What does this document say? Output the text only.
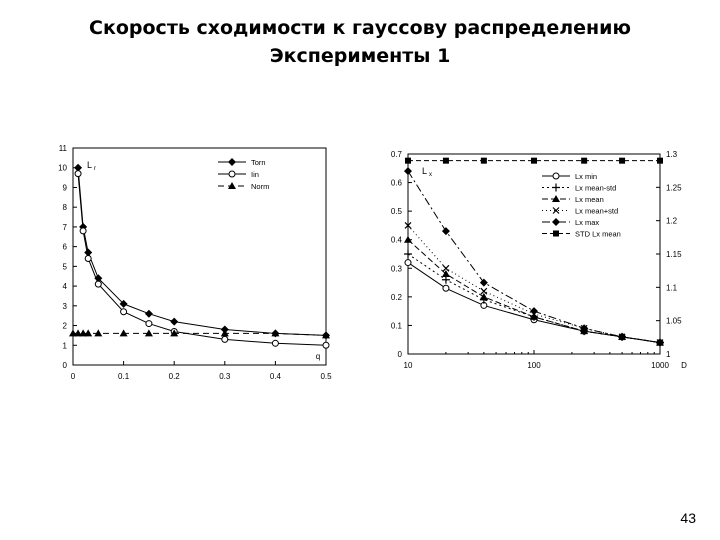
Скорость сходимости к гауссову распределению
Эксперименты 1
0	0.1	0.2	0.3	0.4	0.5
0
1
2
3
4
5
6
7
8
9
10
11
L r
q
Torn
Iin
Norm
10	100	1000
0
0.1
0.2
0.3
0.4
0.5
0.6
0.7
1
1.05
1.1
1.15
1.2
1.25
1.3
L x
D
Lx min
Lx mean-std
Lx mean
Lx mean+std
Lx max
STD Lx mean
43
